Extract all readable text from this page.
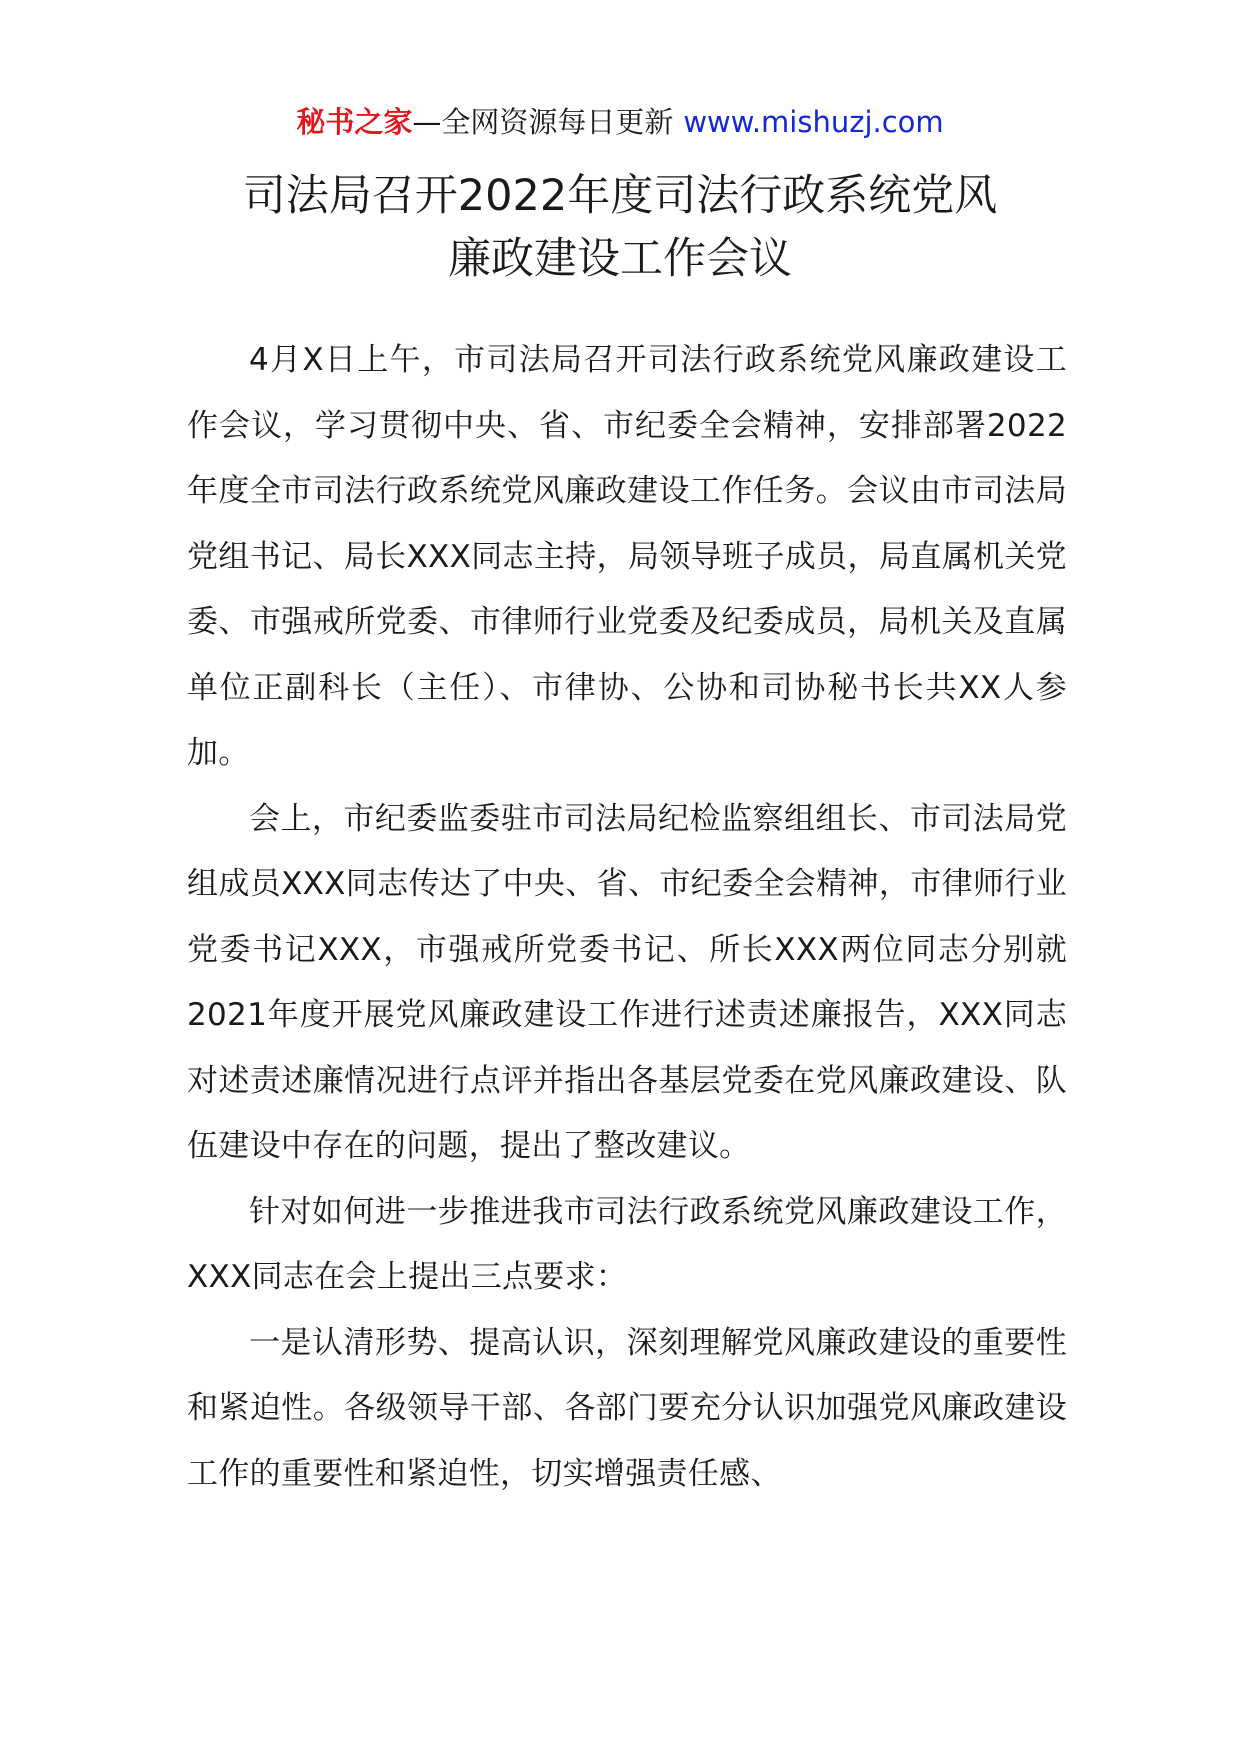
秘书之家—全网资源每日更新 www.mishuzj.com
司法局召开2022年度司法行政系统党风
廉政建设工作会议

4月X日上午，市司法局召开司法行政系统党风廉政建设工作会议，学习贯彻中央、省、市纪委全会精神，安排部署2022年度全市司法行政系统党风廉政建设工作任务。会议由市司法局党组书记、局长XXX同志主持，局领导班子成员，局直属机关党委、市强戒所党委、市律师行业党委及纪委成员，局机关及直属单位正副科长（主任）、市律协、公协和司协秘书长共XX人参加。

会上，市纪委监委驻市司法局纪检监察组组长、市司法局党组成员XXX同志传达了中央、省、市纪委全会精神，市律师行业党委书记XXX，市强戒所党委书记、所长XXX两位同志分别就2021年度开展党风廉政建设工作进行述责述廉报告，XXX同志对述责述廉情况进行点评并指出各基层党委在党风廉政建设、队伍建设中存在的问题，提出了整改建议。

针对如何进一步推进我市司法行政系统党风廉政建设工作，XXX同志在会上提出三点要求：

一是认清形势、提高认识，深刻理解党风廉政建设的重要性和紧迫性。各级领导干部、各部门要充分认识加强党风廉政建设工作的重要性和紧迫性，切实增强责任感、
